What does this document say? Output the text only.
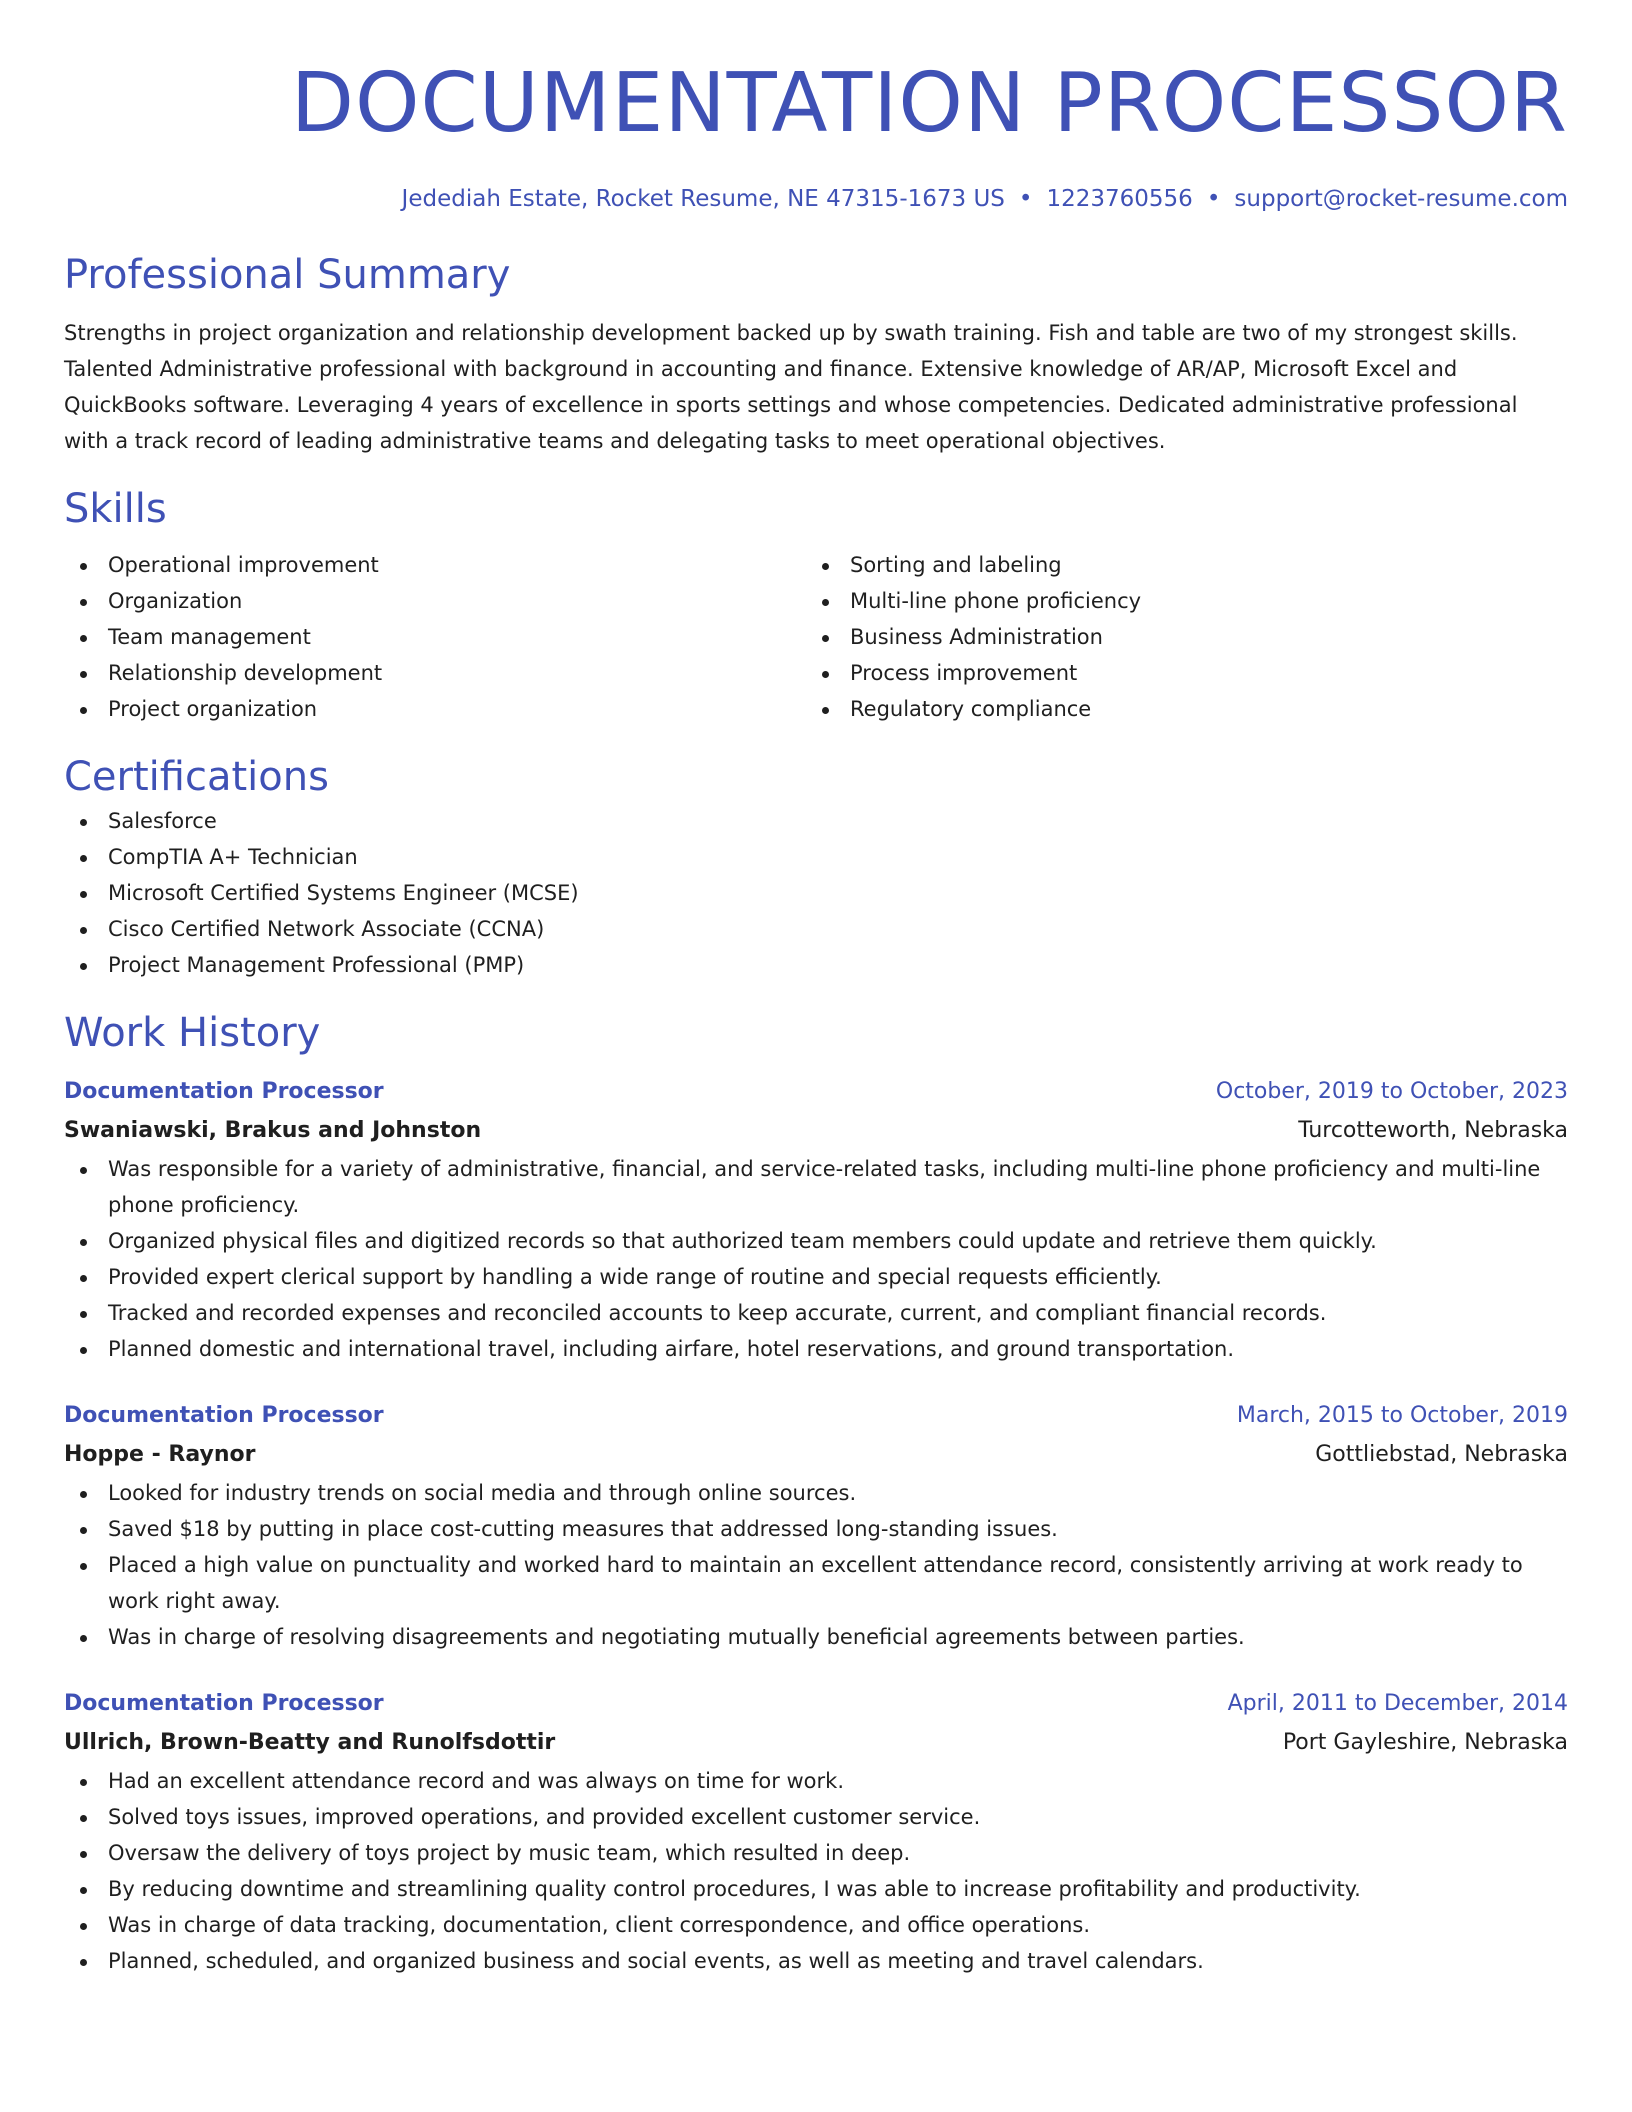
DOCUMENTATION PROCESSOR
Jedediah Estate, Rocket Resume, NE 47315-1673 US • 1223760556 • support@rocket-resume.com
Professional Summary

Strengths in project organization and relationship development backed up by swath training. Fish and table are two of my strongest skills. Talented Administrative professional with background in accounting and finance. Extensive knowledge of AR/AP, Microsoft Excel and QuickBooks software. Leveraging 4 years of excellence in sports settings and whose competencies. Dedicated administrative professional with a track record of leading administrative teams and delegating tasks to meet operational objectives.

Skills
Operational improvement
Organization
Team management
Relationship development
Project organization
Sorting and labeling
Multi-line phone proficiency
Business Administration
Process improvement
Regulatory compliance
Certifications
Salesforce
CompTIA A+ Technician
Microsoft Certified Systems Engineer (MCSE)
Cisco Certified Network Associate (CCNA)
Project Management Professional (PMP)
Work History
Documentation Processor	October, 2019 to October, 2023
Swaniawski, Brakus and Johnston	Turcotteworth, Nebraska
Was responsible for a variety of administrative, financial, and service-related tasks, including multi-line phone proficiency and multi-line phone proficiency.
Organized physical files and digitized records so that authorized team members could update and retrieve them quickly.
Provided expert clerical support by handling a wide range of routine and special requests efficiently.
Tracked and recorded expenses and reconciled accounts to keep accurate, current, and compliant financial records.
Planned domestic and international travel, including airfare, hotel reservations, and ground transportation.
Documentation Processor	March, 2015 to October, 2019
Hoppe - Raynor	Gottliebstad, Nebraska
Looked for industry trends on social media and through online sources.
Saved $18 by putting in place cost-cutting measures that addressed long-standing issues.
Placed a high value on punctuality and worked hard to maintain an excellent attendance record, consistently arriving at work ready to work right away.
Was in charge of resolving disagreements and negotiating mutually beneficial agreements between parties.
Documentation Processor	April, 2011 to December, 2014
Ullrich, Brown-Beatty and Runolfsdottir	Port Gayleshire, Nebraska
Had an excellent attendance record and was always on time for work.
Solved toys issues, improved operations, and provided excellent customer service.
Oversaw the delivery of toys project by music team, which resulted in deep.
By reducing downtime and streamlining quality control procedures, I was able to increase profitability and productivity.
Was in charge of data tracking, documentation, client correspondence, and office operations.
Planned, scheduled, and organized business and social events, as well as meeting and travel calendars.
